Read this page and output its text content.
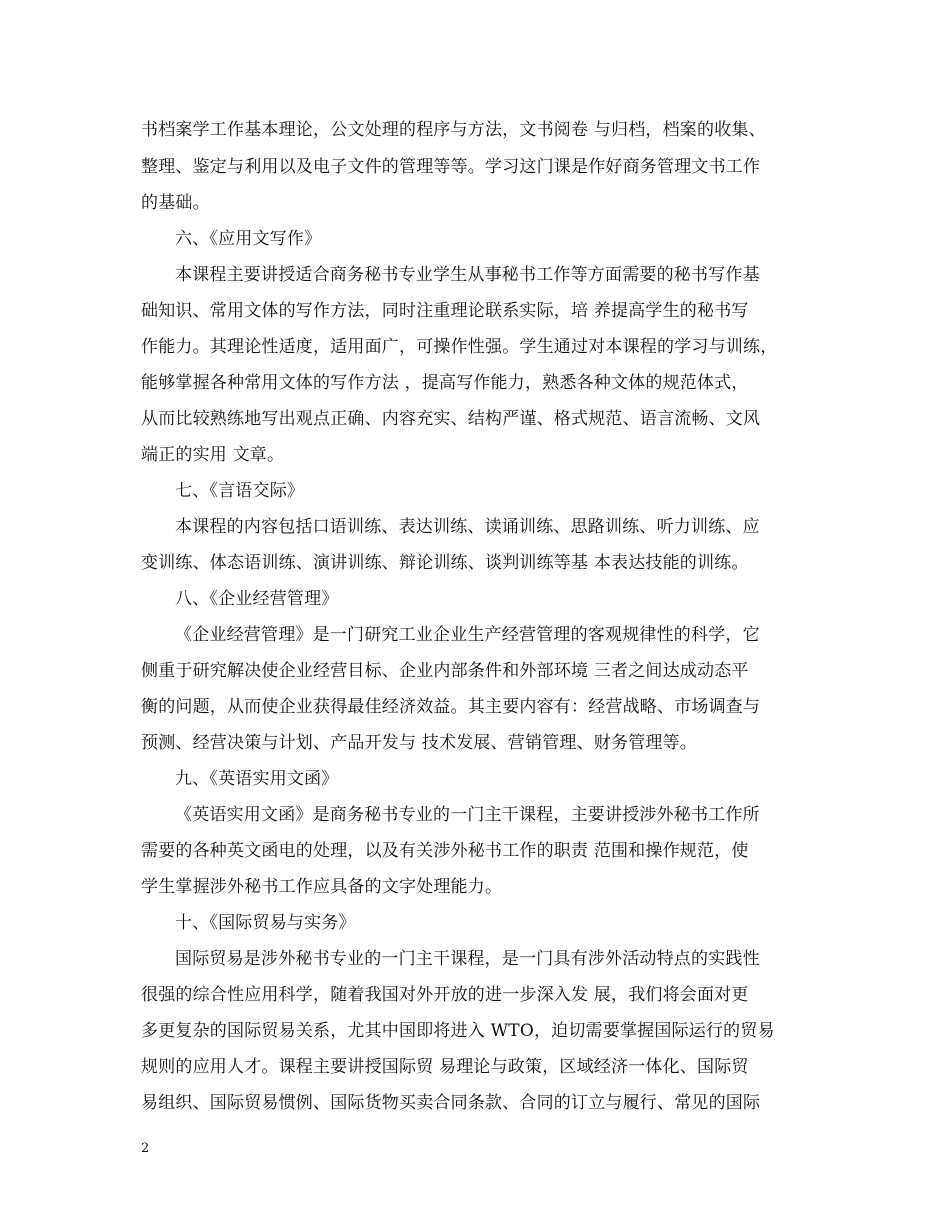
书档案学工作基本理论，公文处理的程序与方法，文书阅卷 与归档，档案的收集、
整理、鉴定与利用以及电子文件的管理等等。学习这门课是作好商务管理文书工作
的基础。
六、《应用文写作》
本课程主要讲授适合商务秘书专业学生从事秘书工作等方面需要的秘书写作基
础知识、常用文体的写作方法，同时注重理论联系实际，培 养提高学生的秘书写
作能力。其理论性适度，适用面广，可操作性强。学生通过对本课程的学习与训练，
能够掌握各种常用文体的写作方法 ，提高写作能力，熟悉各种文体的规范体式，
从而比较熟练地写出观点正确、内容充实、结构严谨、格式规范、语言流畅、文风
端正的实用 文章。
七、《言语交际》
本课程的内容包括口语训练、表达训练、读诵训练、思路训练、听力训练、应
变训练、体态语训练、演讲训练、辩论训练、谈判训练等基 本表达技能的训练。
八、《企业经营管理》
《企业经营管理》是一门研究工业企业生产经营管理的客观规律性的科学，它
侧重于研究解决使企业经营目标、企业内部条件和外部环境 三者之间达成动态平
衡的问题，从而使企业获得最佳经济效益。其主要内容有：经营战略、市场调查与
预测、经营决策与计划、产品开发与 技术发展、营销管理、财务管理等。
九、《英语实用文函》
《英语实用文函》是商务秘书专业的一门主干课程，主要讲授涉外秘书工作所
需要的各种英文函电的处理，以及有关涉外秘书工作的职责 范围和操作规范，使
学生掌握涉外秘书工作应具备的文字处理能力。
十、《国际贸易与实务》
国际贸易是涉外秘书专业的一门主干课程，是一门具有涉外活动特点的实践性
很强的综合性应用科学，随着我国对外开放的进一步深入发 展，我们将会面对更
多更复杂的国际贸易关系，尤其中国即将进入 WTO，迫切需要掌握国际运行的贸易
规则的应用人才。课程主要讲授国际贸 易理论与政策，区域经济一体化、国际贸
易组织、国际贸易惯例、国际货物买卖合同条款、合同的订立与履行、常见的国际
2
